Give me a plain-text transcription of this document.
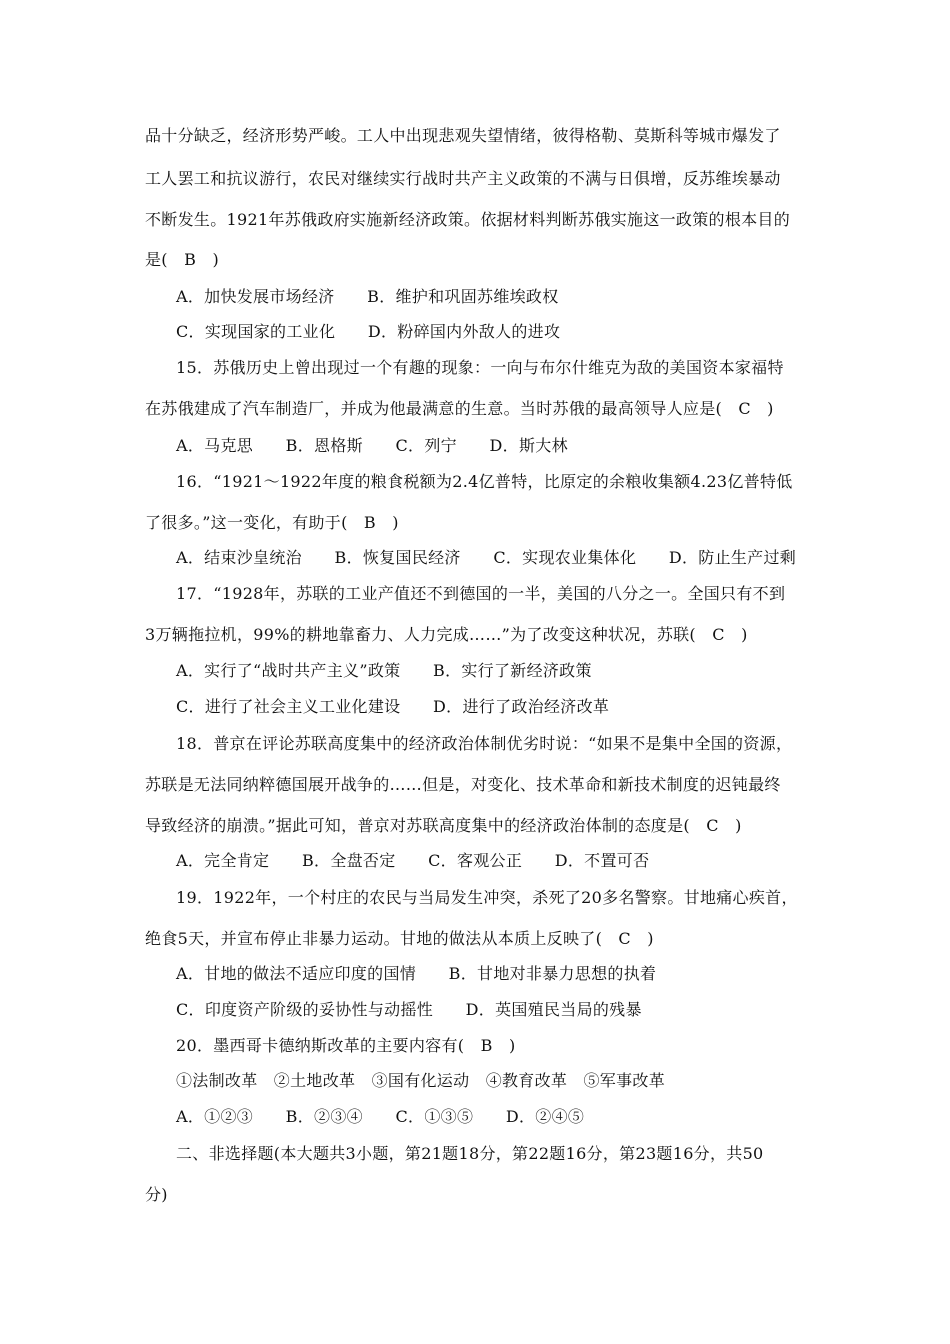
品十分缺乏，经济形势严峻。工人中出现悲观失望情绪，彼得格勒、莫斯科等城市爆发了
工人罢工和抗议游行，农民对继续实行战时共产主义政策的不满与日俱增，反苏维埃暴动
不断发生。1921年苏俄政府实施新经济政策。依据材料判断苏俄实施这一政策的根本目的
是(　B　)
A．加快发展市场经济　　B．维护和巩固苏维埃政权
C．实现国家的工业化　　D．粉碎国内外敌人的进攻
15．苏俄历史上曾出现过一个有趣的现象：一向与布尔什维克为敌的美国资本家福特
在苏俄建成了汽车制造厂，并成为他最满意的生意。当时苏俄的最高领导人应是(　C　)
A．马克思　　B．恩格斯　　C．列宁　　D．斯大林
16．“1921～1922年度的粮食税额为2.4亿普特，比原定的余粮收集额4.23亿普特低
了很多。”这一变化，有助于(　B　)
A．结束沙皇统治　　B．恢复国民经济　　C．实现农业集体化　　D．防止生产过剩
17．“1928年，苏联的工业产值还不到德国的一半，美国的八分之一。全国只有不到
3万辆拖拉机，99%的耕地靠畜力、人力完成……”为了改变这种状况，苏联(　C　)
A．实行了“战时共产主义”政策　　B．实行了新经济政策
C．进行了社会主义工业化建设　　D．进行了政治经济改革
18．普京在评论苏联高度集中的经济政治体制优劣时说：“如果不是集中全国的资源，
苏联是无法同纳粹德国展开战争的……但是，对变化、技术革命和新技术制度的迟钝最终
导致经济的崩溃。”据此可知，普京对苏联高度集中的经济政治体制的态度是(　C　)
A．完全肯定　　B．全盘否定　　C．客观公正　　D．不置可否
19．1922年，一个村庄的农民与当局发生冲突，杀死了20多名警察。甘地痛心疾首，
绝食5天，并宣布停止非暴力运动。甘地的做法从本质上反映了(　C　)
A．甘地的做法不适应印度的国情　　B．甘地对非暴力思想的执着
C．印度资产阶级的妥协性与动摇性　　D．英国殖民当局的残暴
20．墨西哥卡德纳斯改革的主要内容有(　B　)
①法制改革　②土地改革　③国有化运动　④教育改革　⑤军事改革
A．①②③　　B．②③④　　C．①③⑤　　D．②④⑤
二、非选择题(本大题共3小题，第21题18分，第22题16分，第23题16分，共50
分)
